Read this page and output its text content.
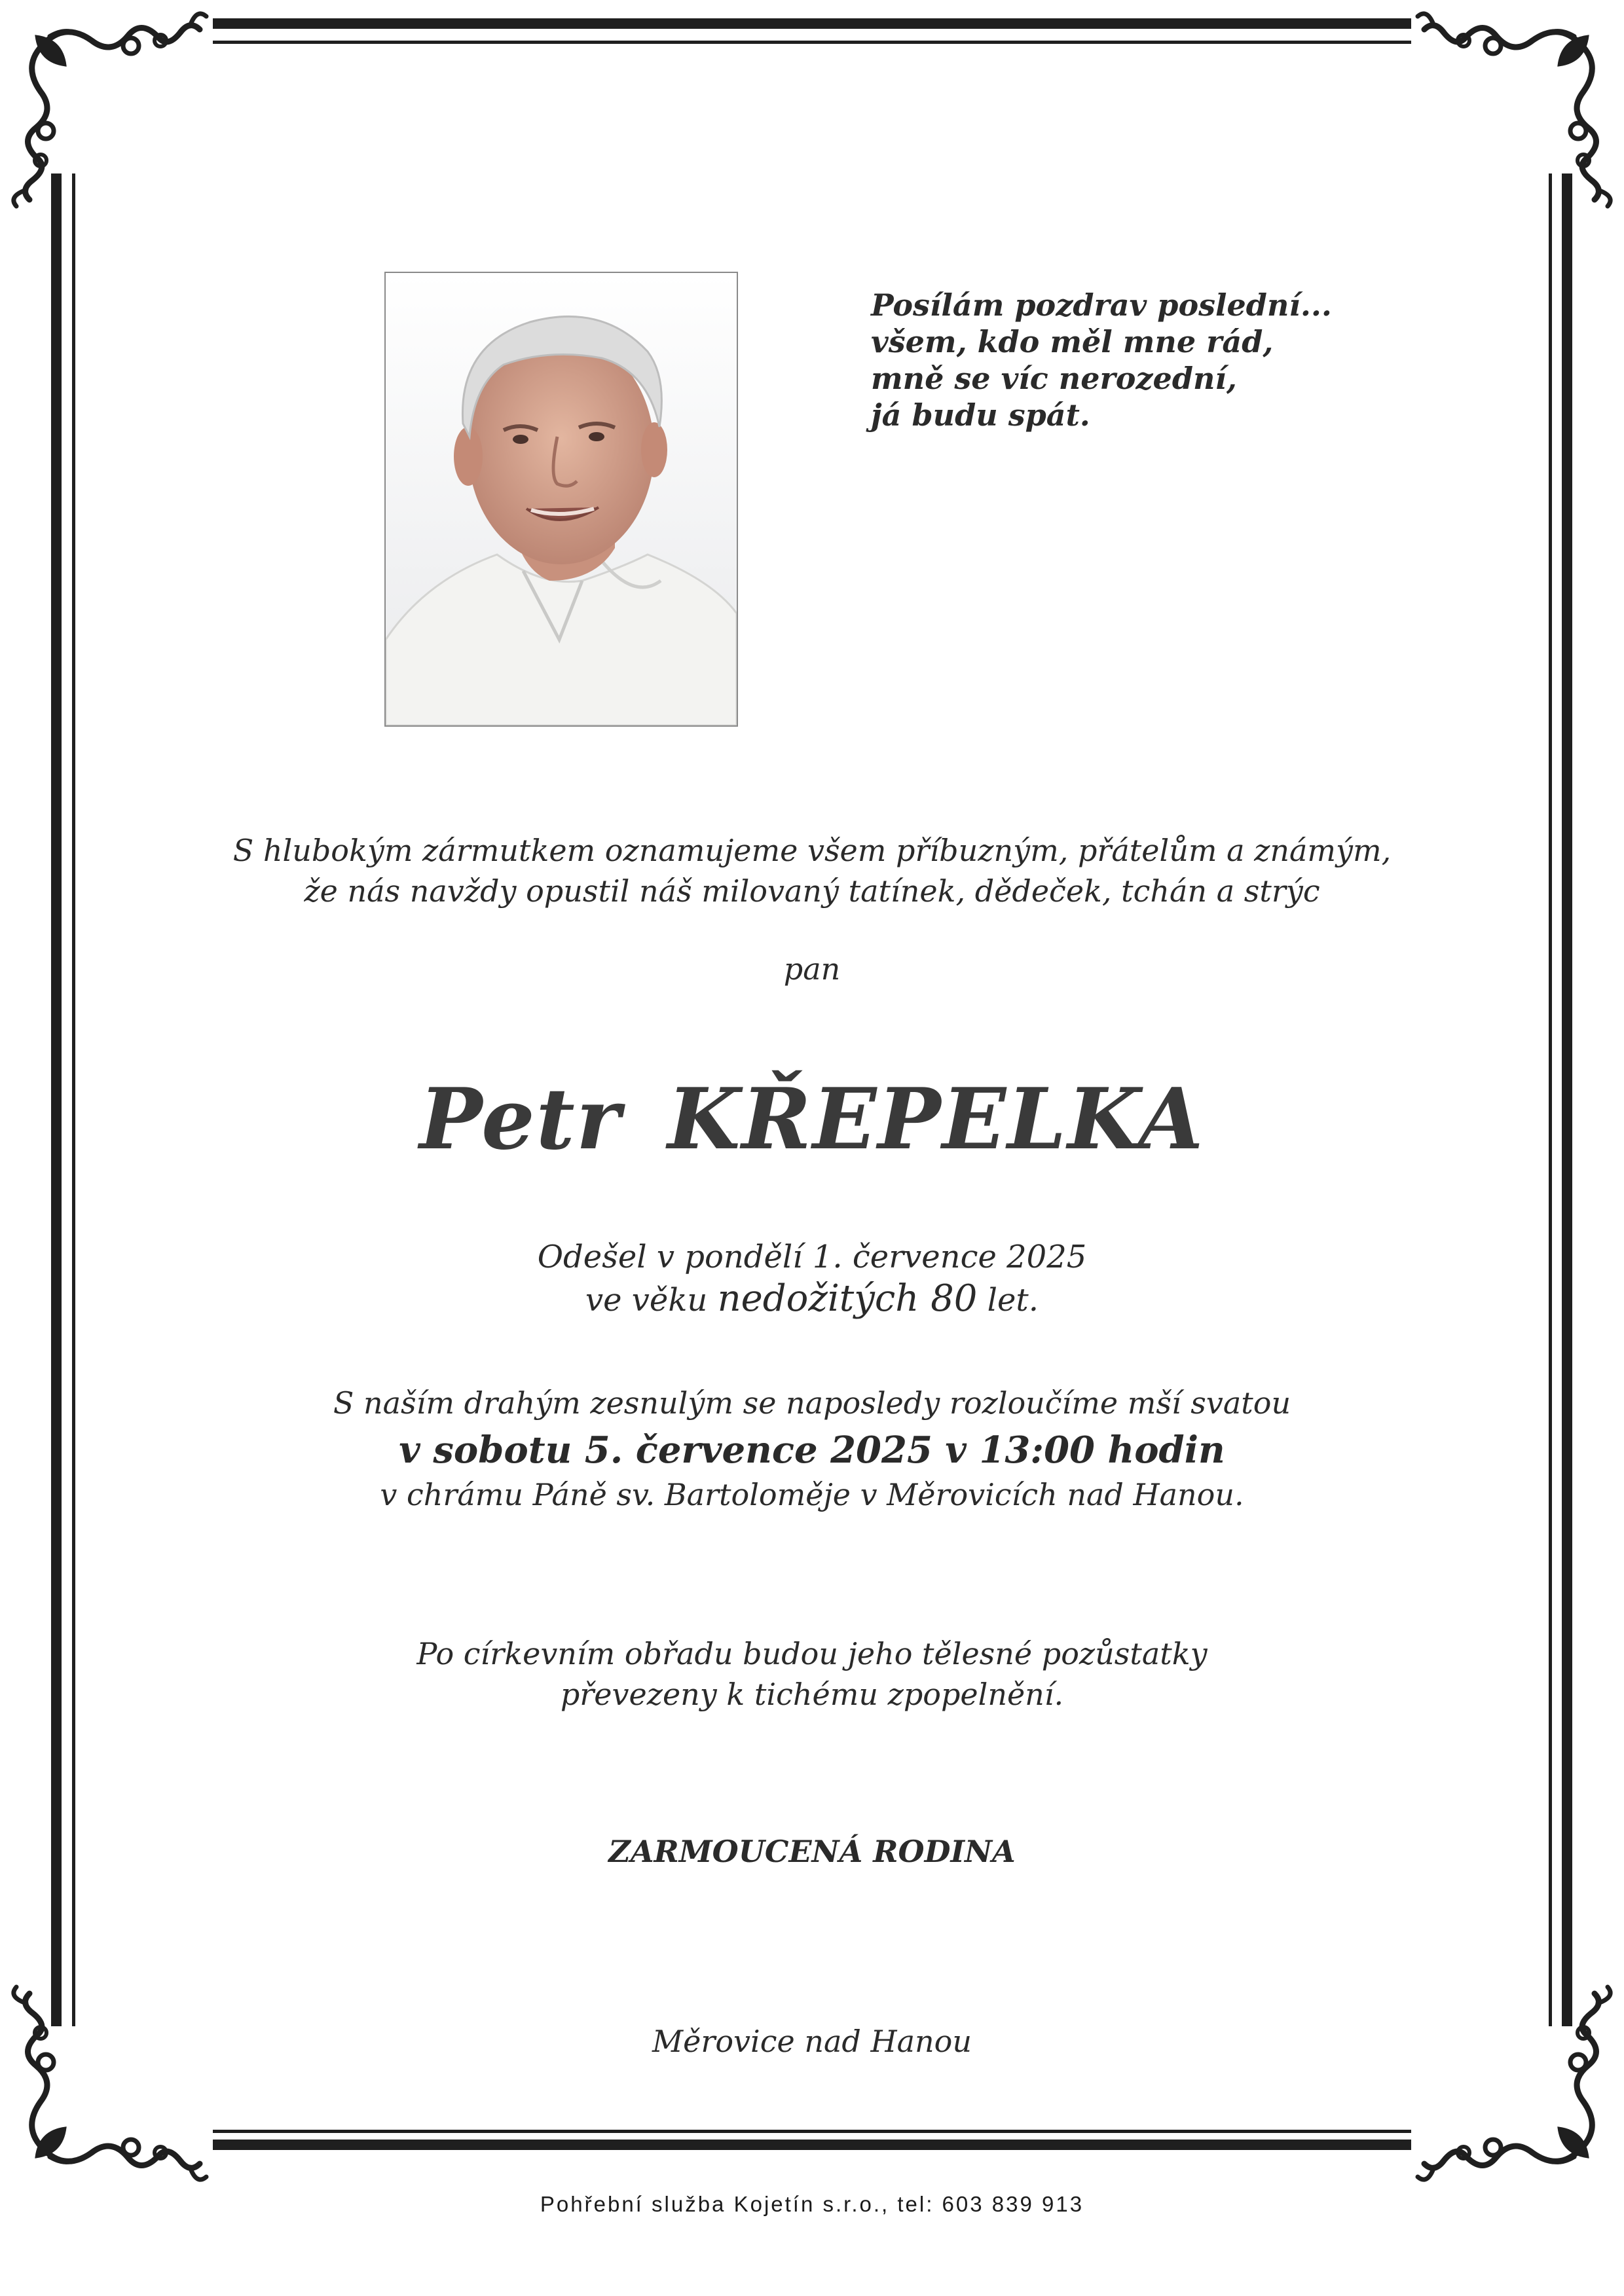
Posílám pozdrav poslední...
všem, kdo měl mne rád,
mně se víc nerozední,
já budu spát.
S hlubokým zármutkem oznamujeme všem příbuzným, přátelům a známým,
že nás navždy opustil náš milovaný tatínek, dědeček, tchán a strýc
pan
Petr KŘEPELKA
Odešel v pondělí 1. července 2025
ve věku nedožitých 80 let.
S naším drahým zesnulým se naposledy rozloučíme mší svatou
v sobotu 5. července 2025 v 13:00 hodin
v chrámu Páně sv. Bartoloměje v Měrovicích nad Hanou.
Po církevním obřadu budou jeho tělesné pozůstatky
převezeny k tichému zpopelnění.
ZARMOUCENÁ RODINA
Měrovice nad Hanou
Pohřební služba Kojetín s.r.o., tel: 603 839 913
